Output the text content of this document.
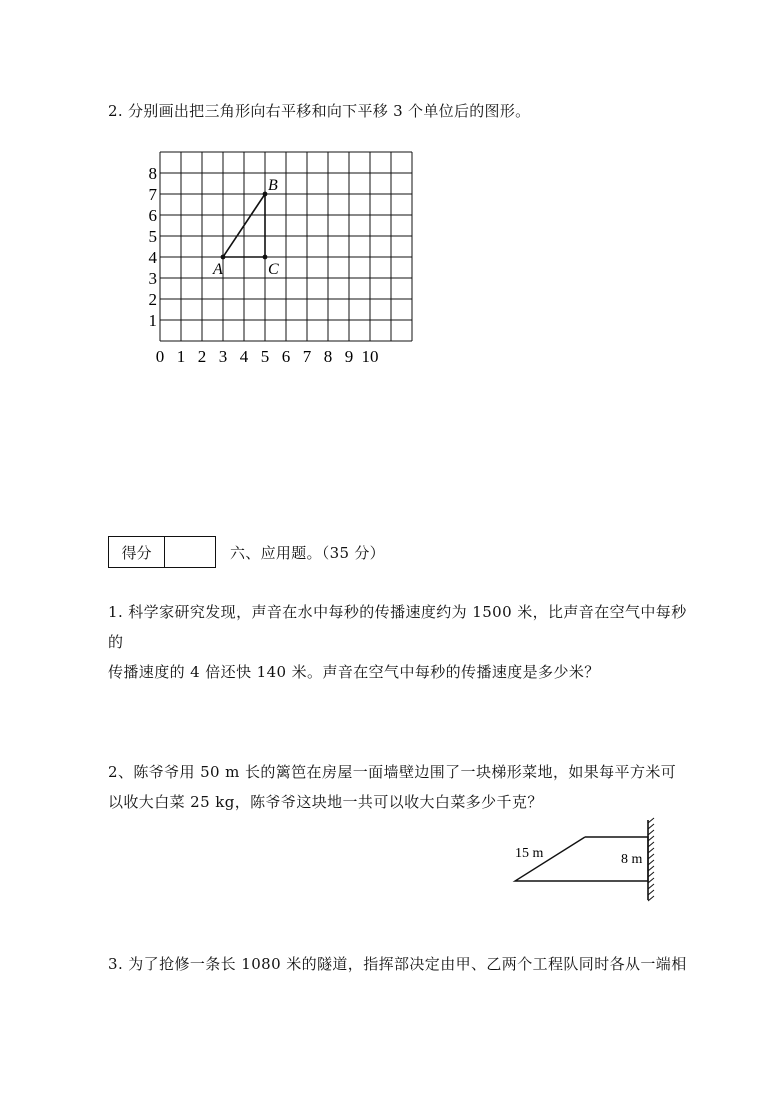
2. 分别画出把三角形向右平移和向下平移 3 个单位后的图形。
0 1 2 3 4 5 6 7 8 9 10
1
2
3
4
5
6
7
8
A
B
C
得分	六、应用题。（35 分）
1. 科学家研究发现，声音在水中每秒的传播速度约为 1500 米，比声音在空气中每秒的
传播速度的 4 倍还快 140 米。声音在空气中每秒的传播速度是多少米？
2、陈爷爷用 50 m 长的篱笆在房屋一面墙壁边围了一块梯形菜地，如果每平方米可
以收大白菜 25 kg，陈爷爷这块地一共可以收大白菜多少千克？
15 m	8 m
3. 为了抢修一条长 1080 米的隧道，指挥部决定由甲、乙两个工程队同时各从一端相
